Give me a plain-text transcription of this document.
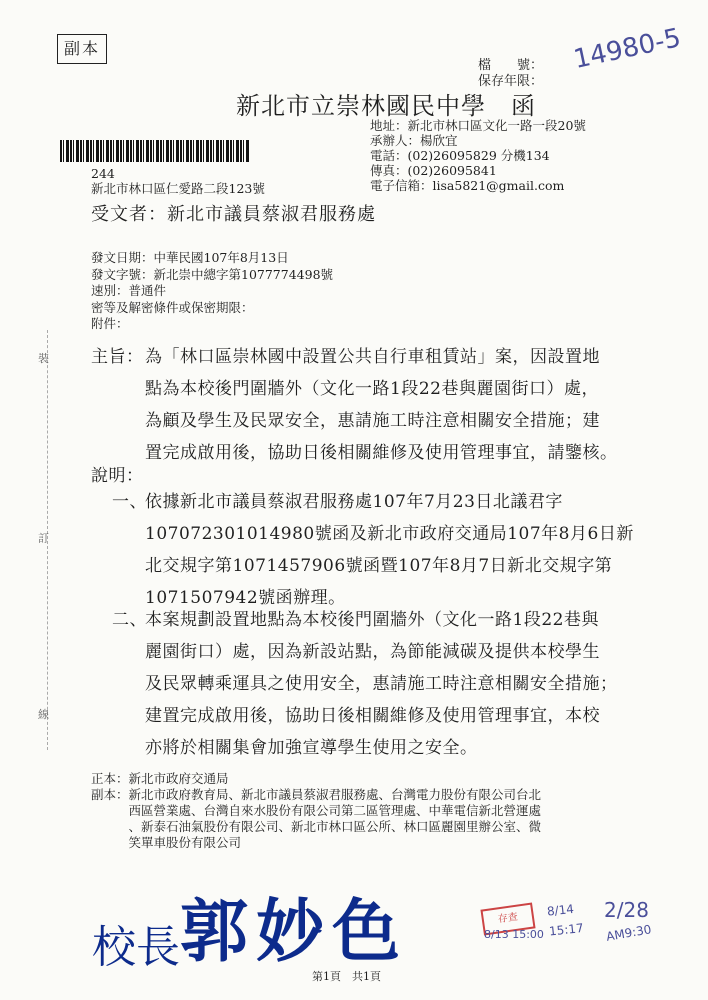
副本
檔　　號：
保存年限：
14980-5
新北市立崇林國民中學　函
地址：新北市林口區文化一路一段20號
承辦人：楊欣宜
電話：(02)26095829 分機134
傳真：(02)26095841
電子信箱：lisa5821@gmail.com
244
新北市林口區仁愛路二段123號
受文者：新北市議員蔡淑君服務處
發文日期：中華民國107年8月13日
發文字號：新北崇中總字第1077774498號
速別：普通件
密等及解密條件或保密期限：
附件：
裝
訂
線
主旨： 為「林口區崇林國中設置公共自行車租賃站」案，因設置地
點為本校後門圍牆外（文化一路1段22巷與麗園街口）處，
為顧及學生及民眾安全，惠請施工時注意相關安全措施；建
置完成啟用後，協助日後相關維修及使用管理事宜，請鑒核。
說明：
一、
依據新北市議員蔡淑君服務處107年7月23日北議君字
107072301014980號函及新北市政府交通局107年8月6日新
北交規字第1071457906號函暨107年8月7日新北交規字第
1071507942號函辦理。
二、
本案規劃設置地點為本校後門圍牆外（文化一路1段22巷與
麗園街口）處，因為新設站點，為節能減碳及提供本校學生
及民眾轉乘運具之使用安全，惠請施工時注意相關安全措施；
建置完成啟用後，協助日後相關維修及使用管理事宜，本校
亦將於相關集會加強宣導學生使用之安全。
正本：新北市政府交通局
副本：新北市政府教育局、新北市議員蔡淑君服務處、台灣電力股份有限公司台北
　　　西區營業處、台灣自來水股份有限公司第二區管理處、中華電信新北營運處
　　　、新泰石油氣股份有限公司、新北市林口區公所、林口區麗園里辦公室、微
　　　笑單車股份有限公司
校長郭妙色	存查
8/13 15:00
8/14 15:17
2/28
AM9:30
第1頁　共1頁
